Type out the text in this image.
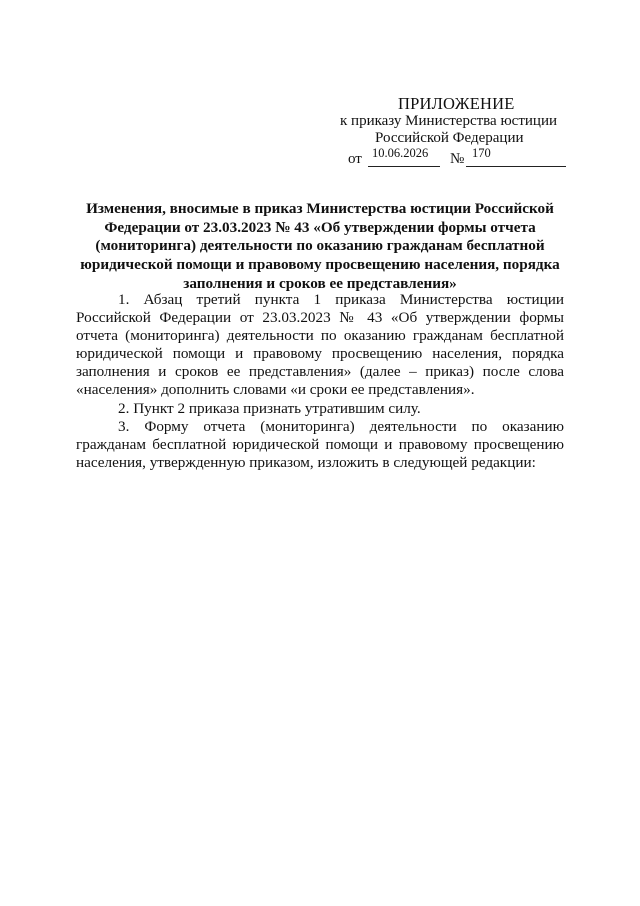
ПРИЛОЖЕНИЕ
к приказу Министерства юстиции
Российской Федерации
от 10.06.2026 № 170
Изменения, вносимые в приказ Министерства юстиции Российской Федерации от 23.03.2023 № 43 «Об утверждении формы отчета (мониторинга) деятельности по оказанию гражданам бесплатной юридической помощи и правовому просвещению населения, порядка заполнения и сроков ее представления»

1. Абзац третий пункта 1 приказа Министерства юстиции Российской Федерации от 23.03.2023 № 43 «Об утверждении формы отчета (мониторинга) деятельности по оказанию гражданам бесплатной юридической помощи и правовому просвещению населения, порядка заполнения и сроков ее представления» (далее – приказ) после слова «населения» дополнить словами «и сроки ее представления».

2. Пункт 2 приказа признать утратившим силу.

3. Форму отчета (мониторинга) деятельности по оказанию гражданам бесплатной юридической помощи и правовому просвещению населения, утвержденную приказом, изложить в следующей редакции:
